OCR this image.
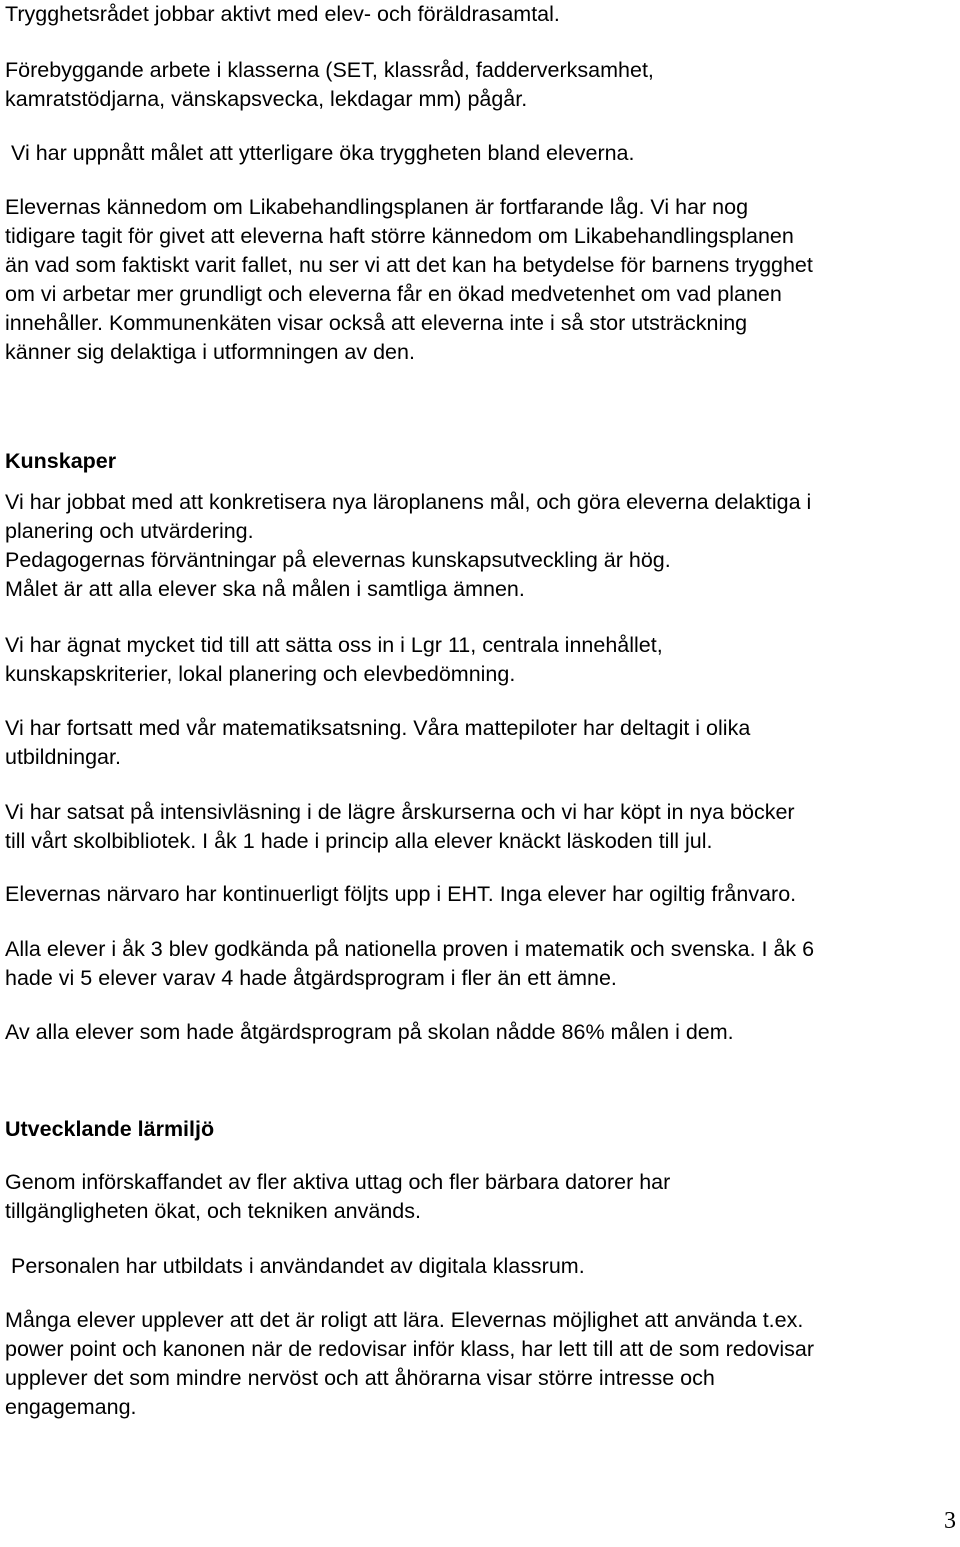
Trygghetsrådet jobbar aktivt med elev- och föräldrasamtal.
Förebyggande arbete i klasserna (SET, klassråd, fadderverksamhet,
kamratstödjarna, vänskapsvecka, lekdagar mm) pågår.
Vi har uppnått målet att ytterligare öka tryggheten bland eleverna.
Elevernas kännedom om Likabehandlingsplanen är fortfarande låg. Vi har nog
tidigare tagit för givet att eleverna haft större kännedom om Likabehandlingsplanen
än vad som faktiskt varit fallet, nu ser vi att det kan ha betydelse för barnens trygghet
om vi arbetar mer grundligt och eleverna får en ökad medvetenhet om vad planen
innehåller. Kommunenkäten visar också att eleverna inte i så stor utsträckning
känner sig delaktiga i utformningen av den.
Kunskaper
Vi har jobbat med att konkretisera nya läroplanens mål, och göra eleverna delaktiga i
planering och utvärdering.
Pedagogernas förväntningar på elevernas kunskapsutveckling är hög.
Målet är att alla elever ska nå målen i samtliga ämnen.
Vi har ägnat mycket tid till att sätta oss in i Lgr 11, centrala innehållet,
kunskapskriterier, lokal planering och elevbedömning.
Vi har fortsatt med vår matematiksatsning. Våra mattepiloter har deltagit i olika
utbildningar.
Vi har satsat på intensivläsning i de lägre årskurserna och vi har köpt in nya böcker
till vårt skolbibliotek. I åk 1 hade i princip alla elever knäckt läskoden till jul.
Elevernas närvaro har kontinuerligt följts upp i EHT. Inga elever har ogiltig frånvaro.
Alla elever i åk 3 blev godkända på nationella proven i matematik och svenska. I åk 6
hade vi 5 elever varav 4 hade åtgärdsprogram i fler än ett ämne.
Av alla elever som hade åtgärdsprogram på skolan nådde 86% målen i dem.
Utvecklande lärmiljö
Genom införskaffandet av fler aktiva uttag och fler bärbara datorer har
tillgängligheten ökat, och tekniken används.
Personalen har utbildats i användandet av digitala klassrum.
Många elever upplever att det är roligt att lära. Elevernas möjlighet att använda t.ex.
power point och kanonen när de redovisar inför klass, har lett till att de som redovisar
upplever det som mindre nervöst och att åhörarna visar större intresse och
engagemang.
3
